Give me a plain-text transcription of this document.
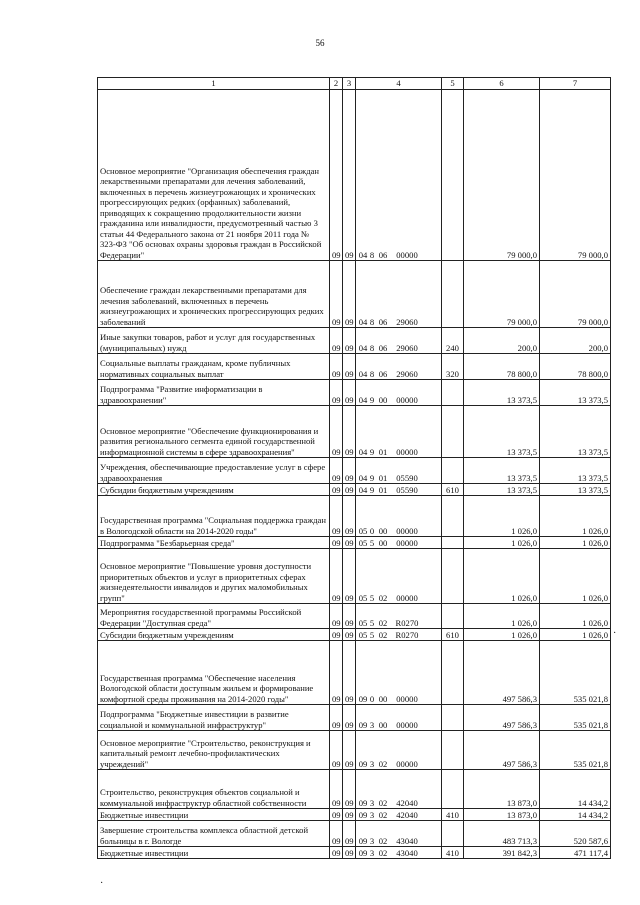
56
1	2	3	4	5	6	7
Основное мероприятие "Организация обеспечения граждан лекарственными препаратами для лечения заболеваний, включенных в перечень жизнеугрожающих и хронических прогрессирующих редких (орфанных) заболеваний, приводящих к сокращению продолжительности жизни гражданина или инвалидности, предусмотренный частью 3 статьи 44 Федерального закона от 21 ноября 2011 года № 323-ФЗ "Об основах охраны здоровья граждан в Российской Федерации"	09	09	04 8 06 00000		79 000,0	79 000,0
Обеспечение граждан лекарственными препаратами для лечения заболеваний, включенных в перечень жизнеугрожающих и хронических прогрессирующих редких заболеваний	09	09	04 8 06 29060		79 000,0	79 000,0
Иные закупки товаров, работ и услуг для государственных (муниципальных) нужд	09	09	04 8 06 29060	240	200,0	200,0
Социальные выплаты гражданам, кроме публичных нормативных социальных выплат	09	09	04 8 06 29060	320	78 800,0	78 800,0
Подпрограмма "Развитие информатизации в здравоохранении"	09	09	04 9 00 00000		13 373,5	13 373,5
Основное мероприятие "Обеспечение функционирования и развития регионального сегмента единой государственной информационной системы в сфере здравоохранения"	09	09	04 9 01 00000		13 373,5	13 373,5
Учреждения, обеспечивающие предоставление услуг в сфере здравоохранения	09	09	04 9 01 05590		13 373,5	13 373,5
Субсидии бюджетным учреждениям	09	09	04 9 01 05590	610	13 373,5	13 373,5
Государственная программа "Социальная поддержка граждан в Вологодской области на 2014-2020 годы"	09	09	05 0 00 00000		1 026,0	1 026,0
Подпрограмма "Безбарьерная среда"	09	09	05 5 00 00000		1 026,0	1 026,0
Основное мероприятие "Повышение уровня доступности приоритетных объектов и услуг в приоритетных сферах жизнедеятельности инвалидов и других маломобильных групп"	09	09	05 5 02 00000		1 026,0	1 026,0
Мероприятия государственной программы Российской Федерации "Доступная среда"	09	09	05 5 02 R0270		1 026,0	1 026,0
Субсидии бюджетным учреждениям	09	09	05 5 02 R0270	610	1 026,0	1 026,0
Государственная программа "Обеспечение населения Вологодской области доступным жильем и формирование комфортной среды проживания на 2014-2020 годы"	09	09	09 0 00 00000		497 586,3	535 021,8
Подпрограмма "Бюджетные инвестиции в развитие социальной и коммунальной инфраструктур"	09	09	09 3 00 00000		497 586,3	535 021,8
Основное мероприятие "Строительство, реконструкция и капитальный ремонт лечебно-профилактических учреждений"	09	09	09 3 02 00000		497 586,3	535 021,8
Строительство, реконструкция объектов социальной и коммунальной инфраструктур областной собственности	09	09	09 3 02 42040		13 873,0	14 434,2
Бюджетные инвестиции	09	09	09 3 02 42040	410	13 873,0	14 434,2
Завершение строительства комплекса областной детской больницы в г. Вологде	09	09	09 3 02 43040		483 713,3	520 587,6
Бюджетные инвестиции	09	09	09 3 02 43040	410	391 842,3	471 117,4
·
·
